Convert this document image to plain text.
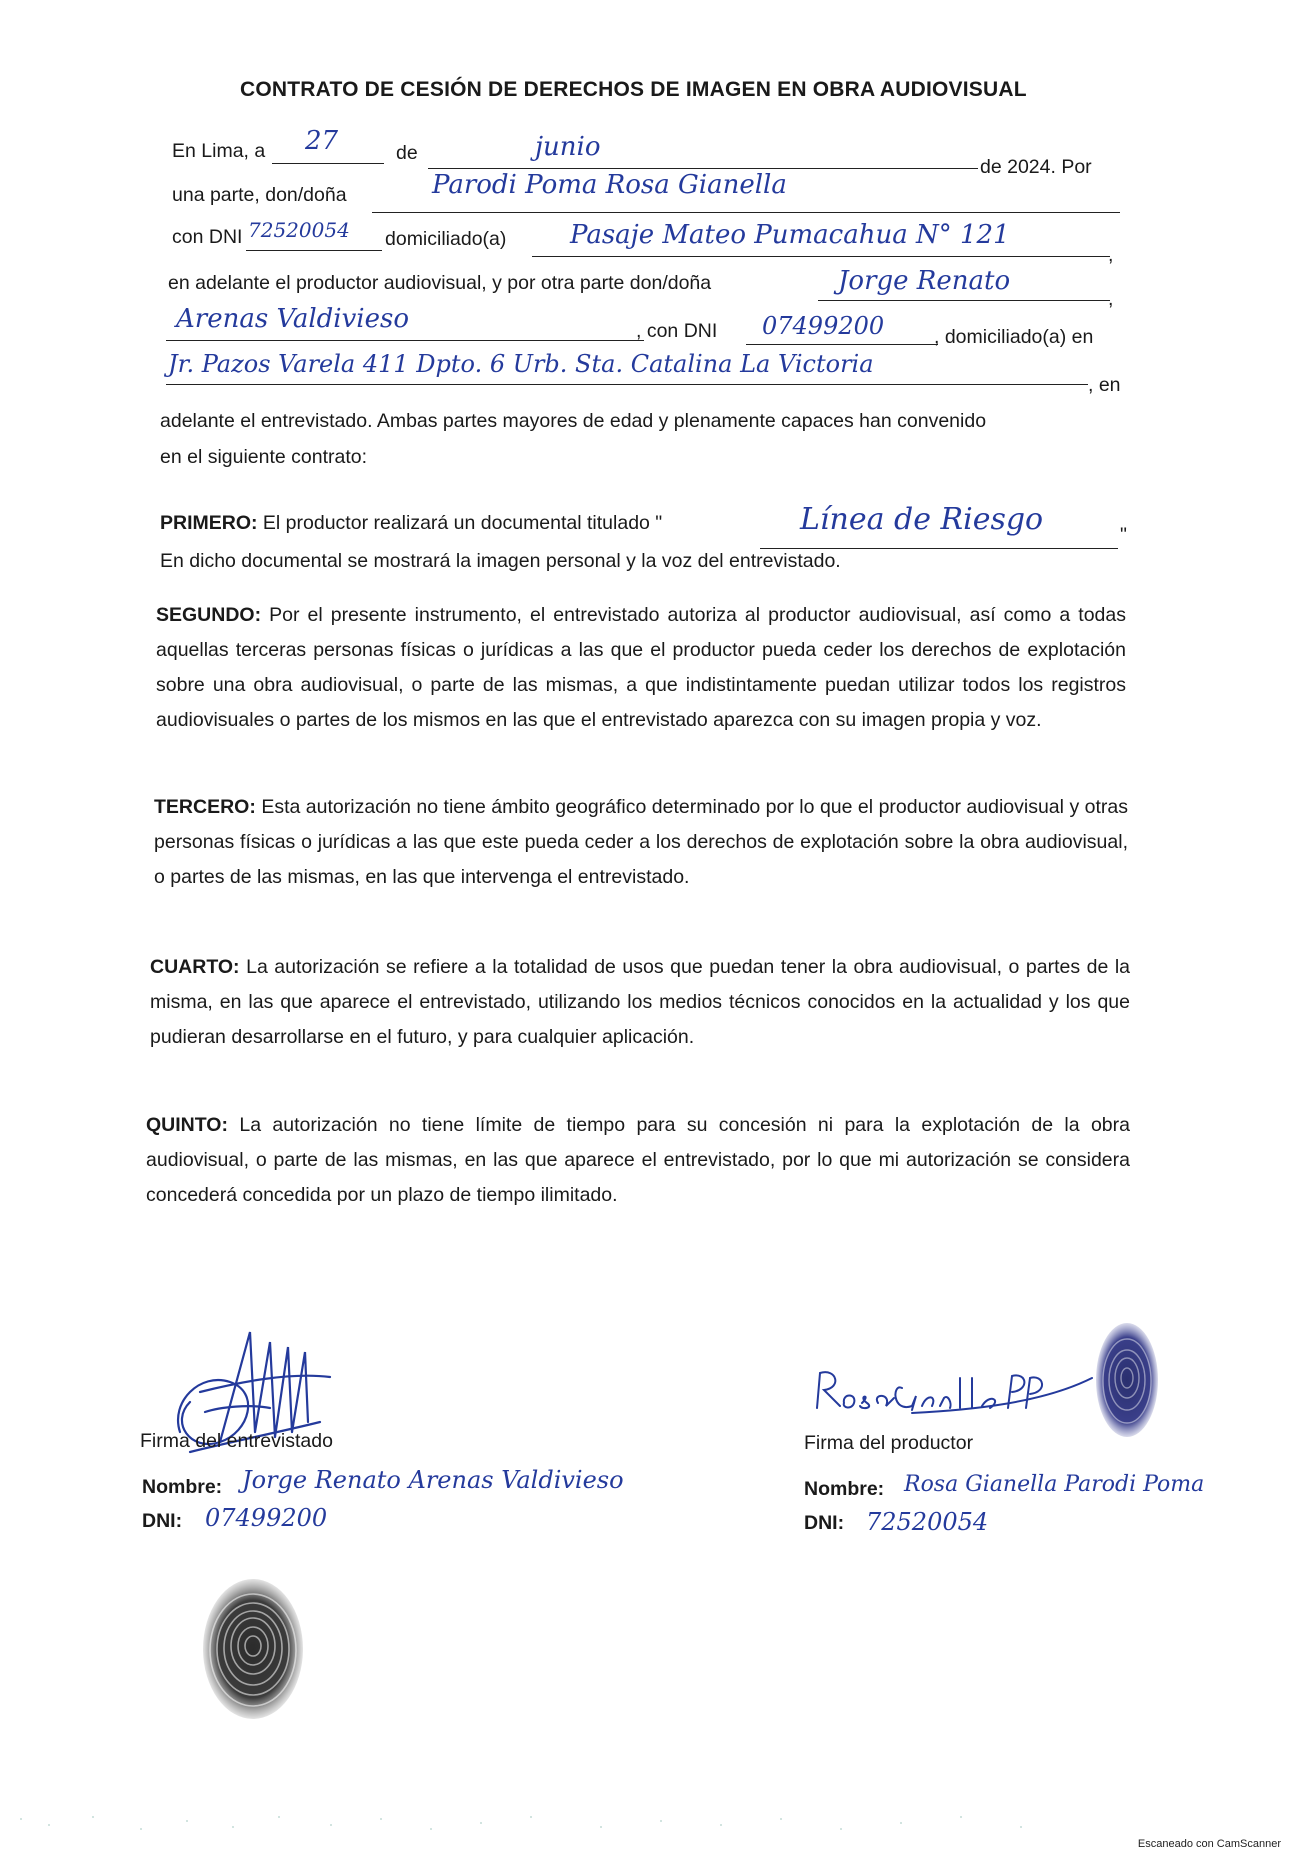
CONTRATO DE CESIÓN DE DERECHOS DE IMAGEN EN OBRA AUDIOVISUAL
En Lima, a 27	de	junio
de 2024. Por
una parte, don/doña	Parodi Poma Rosa Gianella
con DNI 72520054 domiciliado(a) Pasaje Mateo Pumacahua N° 121
,
en adelante el productor audiovisual, y por otra parte don/doña	Jorge Renato
,
Arenas Valdivieso	, con DNI 07499200	, domiciliado(a) en
Jr. Pazos Varela 411 Dpto. 6 Urb. Sta. Catalina La Victoria
, en
adelante el entrevistado. Ambas partes mayores de edad y plenamente capaces han convenido
en el siguiente contrato:
PRIMERO: El productor realizará un documental titulado "	Línea de Riesgo	"
En dicho documental se mostrará la imagen personal y la voz del entrevistado.
SEGUNDO: Por el presente instrumento, el entrevistado autoriza al productor audiovisual, así como a todas aquellas terceras personas físicas o jurídicas a las que el productor pueda ceder los derechos de explotación sobre una obra audiovisual, o parte de las mismas, a que indistintamente puedan utilizar todos los registros audiovisuales o partes de los mismos en las que el entrevistado aparezca con su imagen propia y voz.
TERCERO: Esta autorización no tiene ámbito geográfico determinado por lo que el productor audiovisual y otras personas físicas o jurídicas a las que este pueda ceder a los derechos de explotación sobre la obra audiovisual, o partes de las mismas, en las que intervenga el entrevistado.
CUARTO: La autorización se refiere a la totalidad de usos que puedan tener la obra audiovisual, o partes de la misma, en las que aparece el entrevistado, utilizando los medios técnicos conocidos en la actualidad y los que pudieran desarrollarse en el futuro, y para cualquier aplicación.
QUINTO: La autorización no tiene límite de tiempo para su concesión ni para la explotación de la obra audiovisual, o parte de las mismas, en las que aparece el entrevistado, por lo que mi autorización se considera concederá concedida por un plazo de tiempo ilimitado.
Firma del entrevistado
Nombre: Jorge Renato Arenas Valdivieso
DNI: 07499200
Firma del productor
Nombre: Rosa Gianella Parodi Poma
DNI: 72520054
Escaneado con CamScanner
